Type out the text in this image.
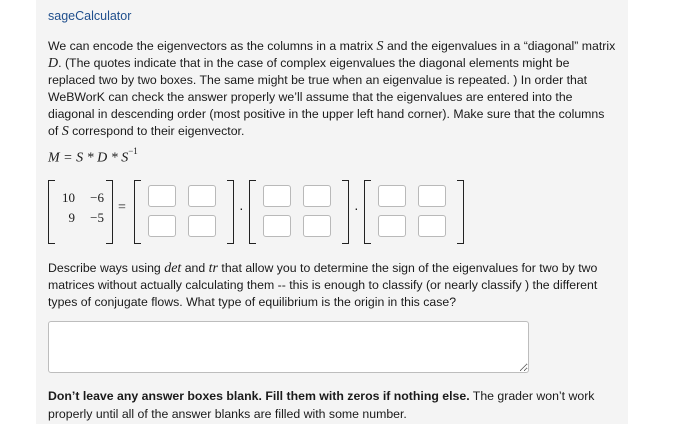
sageCalculator
We can encode the eigenvectors as the columns in a matrix S and the eigenvalues in a “diagonal” matrix D. (The quotes indicate that in the case of complex eigenvalues the diagonal elements might be replaced two by two boxes. The same might be true when an eigenvalue is repeated. ) In order that WeBWorK can check the answer properly we’ll assume that the eigenvalues are entered into the diagonal in descending order (most positive in the upper left hand corner). Make sure that the columns of S correspond to their eigenvector.
$M = S * D * S^{-1}$
10
9
−6
−5
=	·	·
Describe ways using det and tr that allow you to determine the sign of the eigenvalues for two by two matrices without actually calculating them -- this is enough to classify (or nearly classify ) the different types of conjugate flows. What type of equilibrium is the origin in this case?
Don’t leave any answer boxes blank. Fill them with zeros if nothing else. The grader won’t work properly until all of the answer blanks are filled with some number.
